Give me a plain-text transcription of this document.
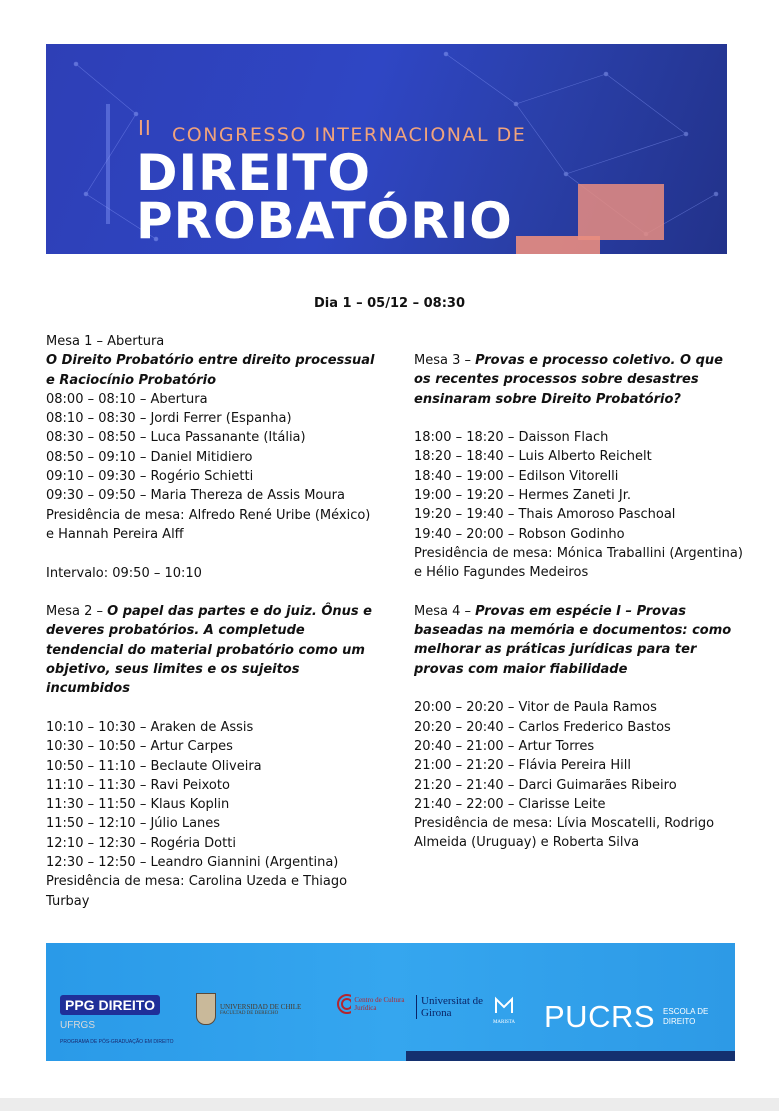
II CONGRESSO INTERNACIONAL DE
DIREITO
PROBATÓRIO
Dia 1 – 05/12 – 08:30

Mesa 1 – Abertura

O Direito Probatório entre direito processual e Raciocínio Probatório

08:00 – 08:10 – Abertura

08:10 – 08:30 – Jordi Ferrer (Espanha)

08:30 – 08:50 – Luca Passanante (Itália)

08:50 – 09:10 – Daniel Mitidiero

09:10 – 09:30 – Rogério Schietti

09:30 – 09:50 – Maria Thereza de Assis Moura

Presidência de mesa: Alfredo René Uribe (México) e Hannah Pereira Alff

Intervalo: 09:50 – 10:10

Mesa 2 – O papel das partes e do juiz. Ônus e deveres probatórios. A completude tendencial do material probatório como um objetivo, seus limites e os sujeitos incumbidos

10:10 – 10:30 – Araken de Assis

10:30 – 10:50 – Artur Carpes

10:50 – 11:10 – Beclaute Oliveira

11:10 – 11:30 – Ravi Peixoto

11:30 – 11:50 – Klaus Koplin

11:50 – 12:10 – Júlio Lanes

12:10 – 12:30 – Rogéria Dotti

12:30 – 12:50 – Leandro Giannini (Argentina)

Presidência de mesa: Carolina Uzeda e Thiago Turbay

Mesa 3 – Provas e processo coletivo. O que os recentes processos sobre desastres ensinaram sobre Direito Probatório?

18:00 – 18:20 – Daisson Flach

18:20 – 18:40 – Luis Alberto Reichelt

18:40 – 19:00 – Edilson Vitorelli

19:00 – 19:20 – Hermes Zaneti Jr.

19:20 – 19:40 – Thais Amoroso Paschoal

19:40 – 20:00 – Robson Godinho

Presidência de mesa: Mónica Traballini (Argentina) e Hélio Fagundes Medeiros

Mesa 4 – Provas em espécie I – Provas baseadas na memória e documentos: como melhorar as práticas jurídicas para ter provas com maior fiabilidade

20:00 – 20:20 – Vitor de Paula Ramos

20:20 – 20:40 – Carlos Frederico Bastos

20:40 – 21:00 – Artur Torres

21:00 – 21:20 – Flávia Pereira Hill

21:20 – 21:40 – Darci Guimarães Ribeiro

21:40 – 22:00 – Clarisse Leite

Presidência de mesa: Lívia Moscatelli, Rodrigo Almeida (Uruguay) e Roberta Silva

PPG DIREITO UFRGS
PROGRAMA DE PÓS-GRADUAÇÃO EM DIREITO
UNIVERSIDAD DE CHILE
FACULTAD DE DERECHO
Centro de Cultura Jurídica
Universitat de Girona
MARISTA PUCRS ESCOLA DE
DIREITO
